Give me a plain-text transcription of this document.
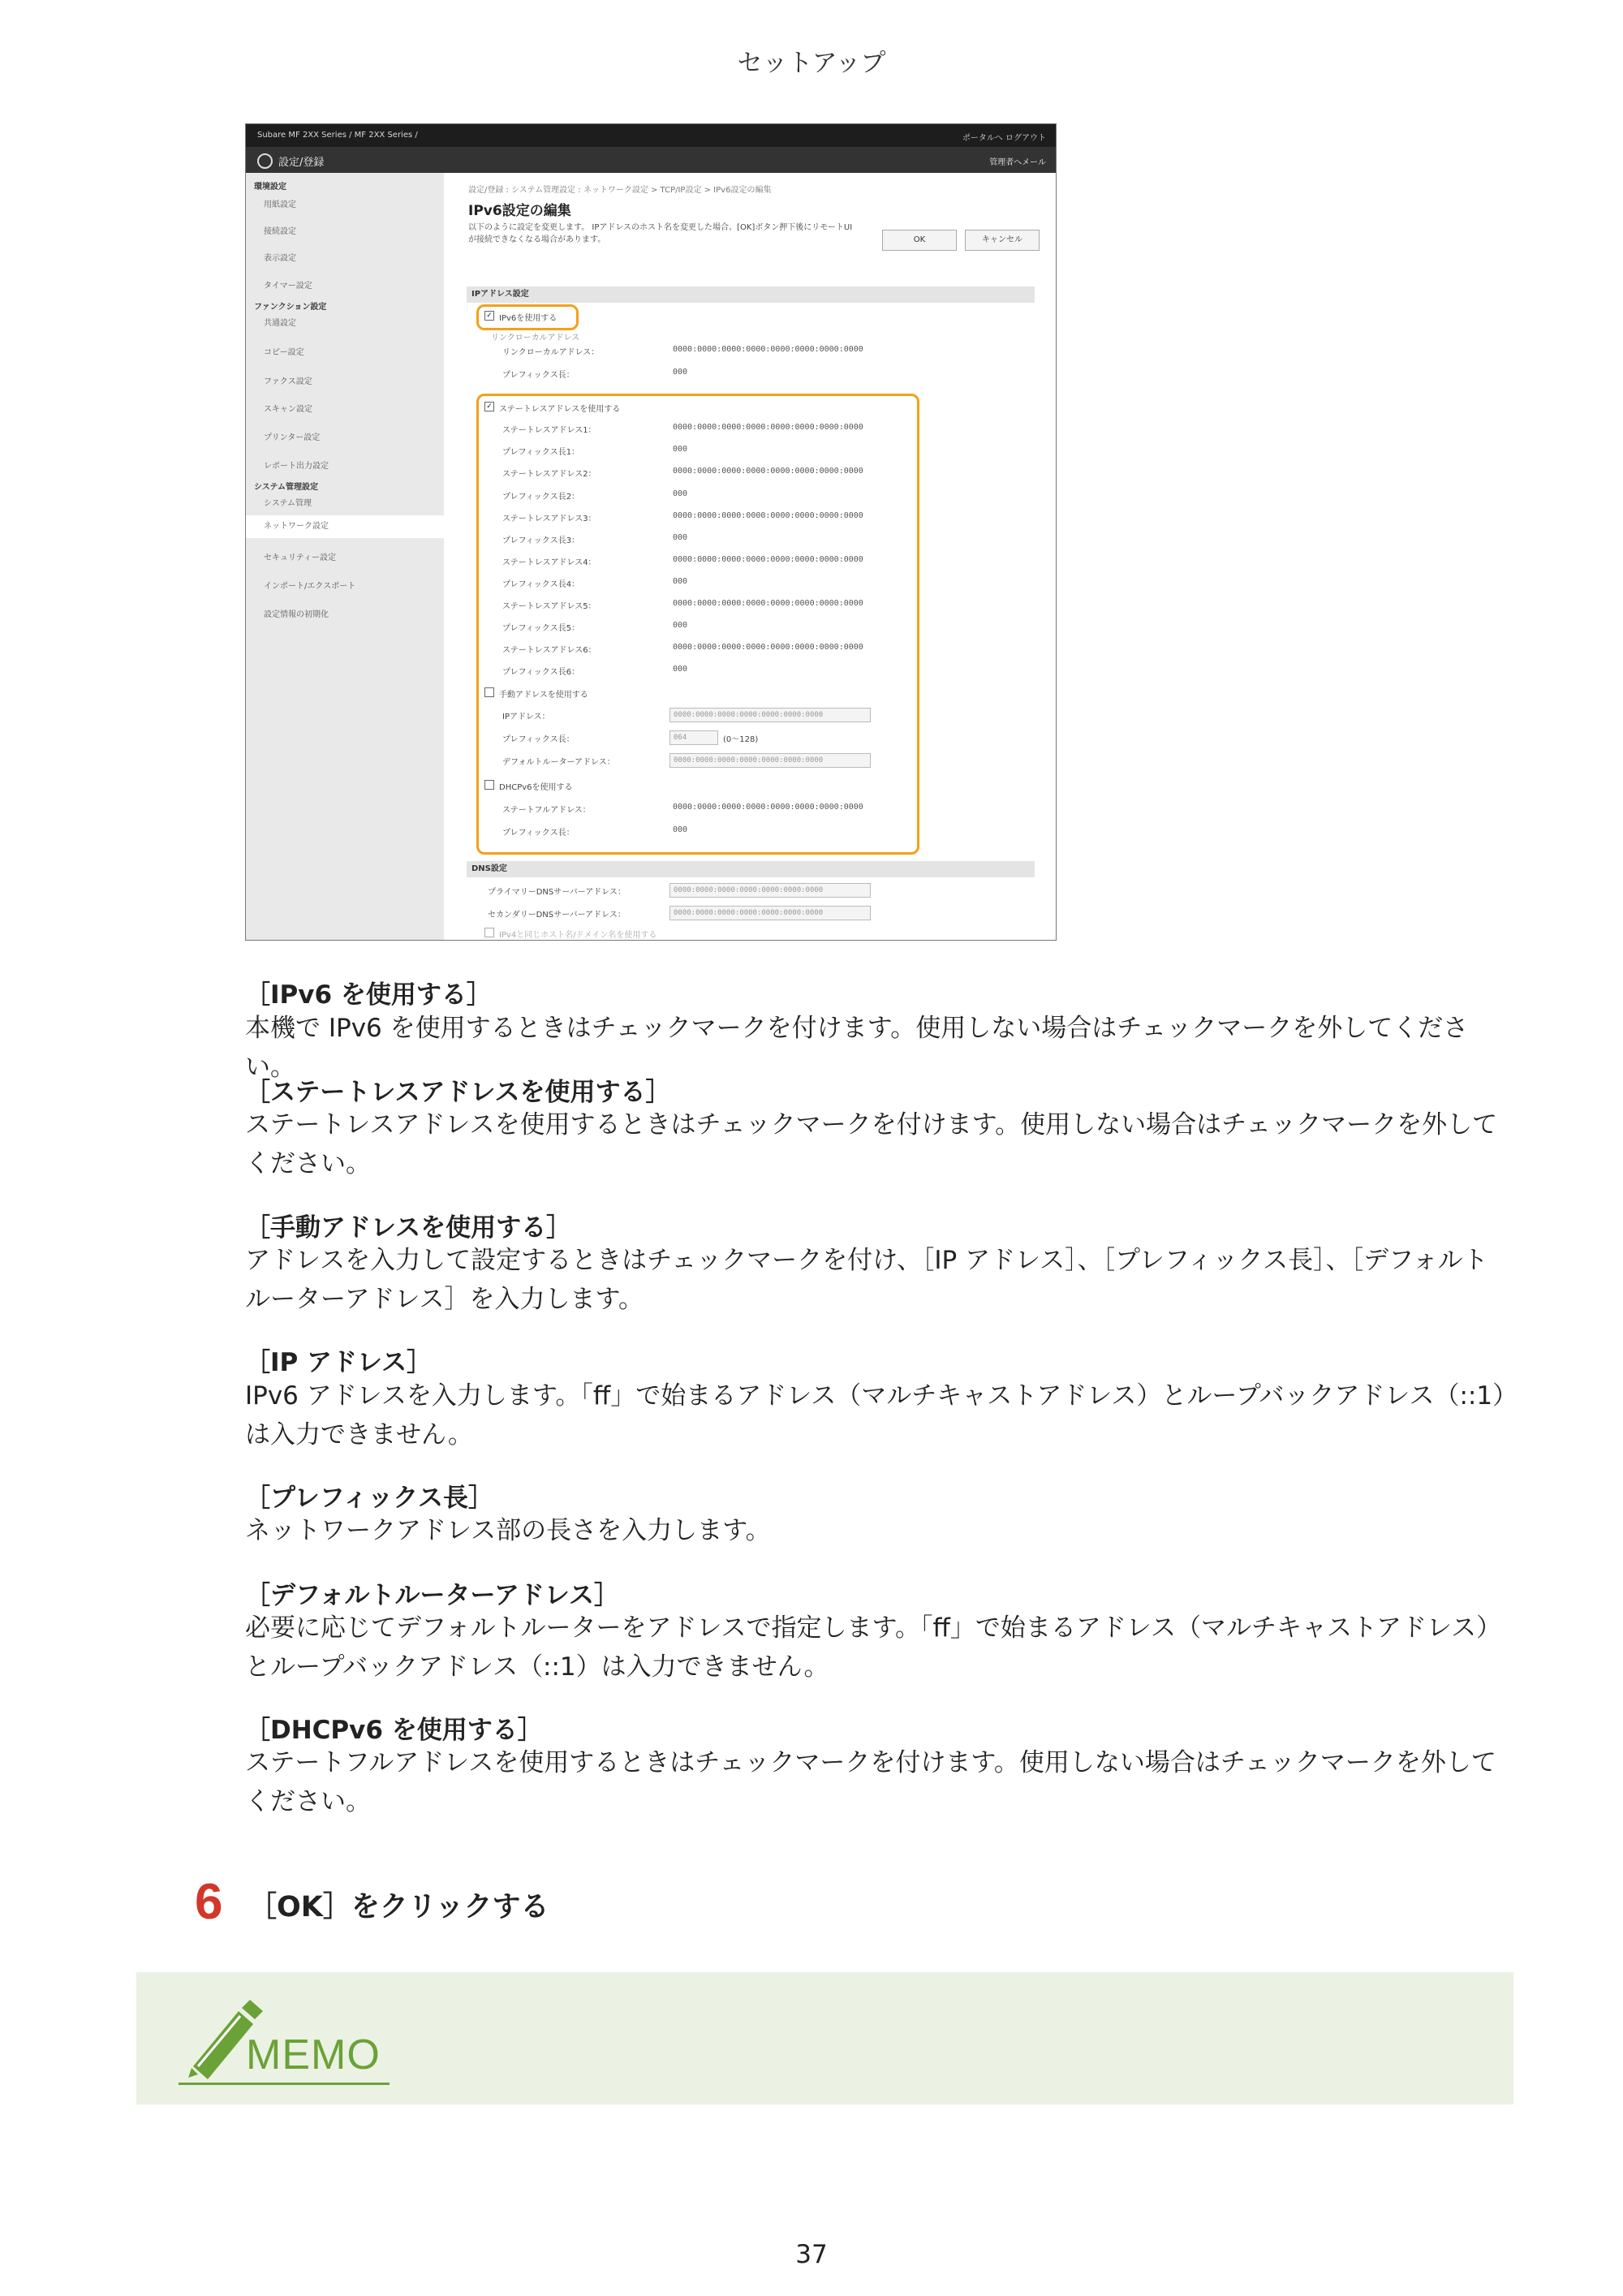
セットアップ
Subare MF 2XX Series / MF 2XX Series /	ポータルへ ログアウト
設定/登録	管理者へメール
環境設定
用紙設定
接続設定
表示設定
タイマー設定
ファンクション設定
共通設定
コピー設定
ファクス設定
スキャン設定
プリンター設定
レポート出力設定
システム管理設定
システム管理
ネットワーク設定
セキュリティー設定
インポート/エクスポート
設定情報の初期化
設定/登録 : システム管理設定 : ネットワーク設定 > TCP/IP設定 > IPv6設定の編集
IPv6設定の編集
以下のように設定を変更します。 IPアドレスのホスト名を変更した場合、[OK]ボタン押下後にリモートUIが接続できなくなる場合があります。	OK	キャンセル
IPアドレス設定
✓ IPv6を使用する
リンクローカルアドレス
リンクローカルアドレス：	0000:0000:0000:0000:0000:0000:0000:0000
プレフィックス長：	000
✓ ステートレスアドレスを使用する
ステートレスアドレス1：	0000:0000:0000:0000:0000:0000:0000:0000
プレフィックス長1：	000
ステートレスアドレス2：	0000:0000:0000:0000:0000:0000:0000:0000
プレフィックス長2：	000
ステートレスアドレス3：	0000:0000:0000:0000:0000:0000:0000:0000
プレフィックス長3：	000
ステートレスアドレス4：	0000:0000:0000:0000:0000:0000:0000:0000
プレフィックス長4：	000
ステートレスアドレス5：	0000:0000:0000:0000:0000:0000:0000:0000
プレフィックス長5：	000
ステートレスアドレス6：	0000:0000:0000:0000:0000:0000:0000:0000
プレフィックス長6：	000
手動アドレスを使用する
IPアドレス：	0000:0000:0000:0000:0000:0000:0000
プレフィックス長：	064	(0～128)
デフォルトルーターアドレス：	0000:0000:0000:0000:0000:0000:0000
DHCPv6を使用する
ステートフルアドレス：	0000:0000:0000:0000:0000:0000:0000:0000
プレフィックス長：	000
DNS設定
プライマリーDNSサーバーアドレス：	0000:0000:0000:0000:0000:0000:0000
セカンダリーDNSサーバーアドレス：	0000:0000:0000:0000:0000:0000:0000
IPv4と同じホスト名/ドメイン名を使用する
［IPv6 を使用する］
本機で IPv6 を使用するときはチェックマークを付けます。使用しない場合はチェックマークを外してください。
［ステートレスアドレスを使用する］
ステートレスアドレスを使用するときはチェックマークを付けます。使用しない場合はチェックマークを外してください。
［手動アドレスを使用する］
アドレスを入力して設定するときはチェックマークを付け、［IP アドレス］、［プレフィックス長］、［デフォルトルーターアドレス］を入力します。
［IP アドレス］
IPv6 アドレスを入力します。「ff」で始まるアドレス（マルチキャストアドレス）とループバックアドレス（::1）は入力できません。
［プレフィックス長］
ネットワークアドレス部の長さを入力します。
［デフォルトルーターアドレス］
必要に応じてデフォルトルーターをアドレスで指定します。「ff」で始まるアドレス（マルチキャストアドレス）とループバックアドレス（::1）は入力できません。
［DHCPv6 を使用する］
ステートフルアドレスを使用するときはチェックマークを付けます。使用しない場合はチェックマークを外してください。
6 ［OK］をクリックする
MEMO
37
